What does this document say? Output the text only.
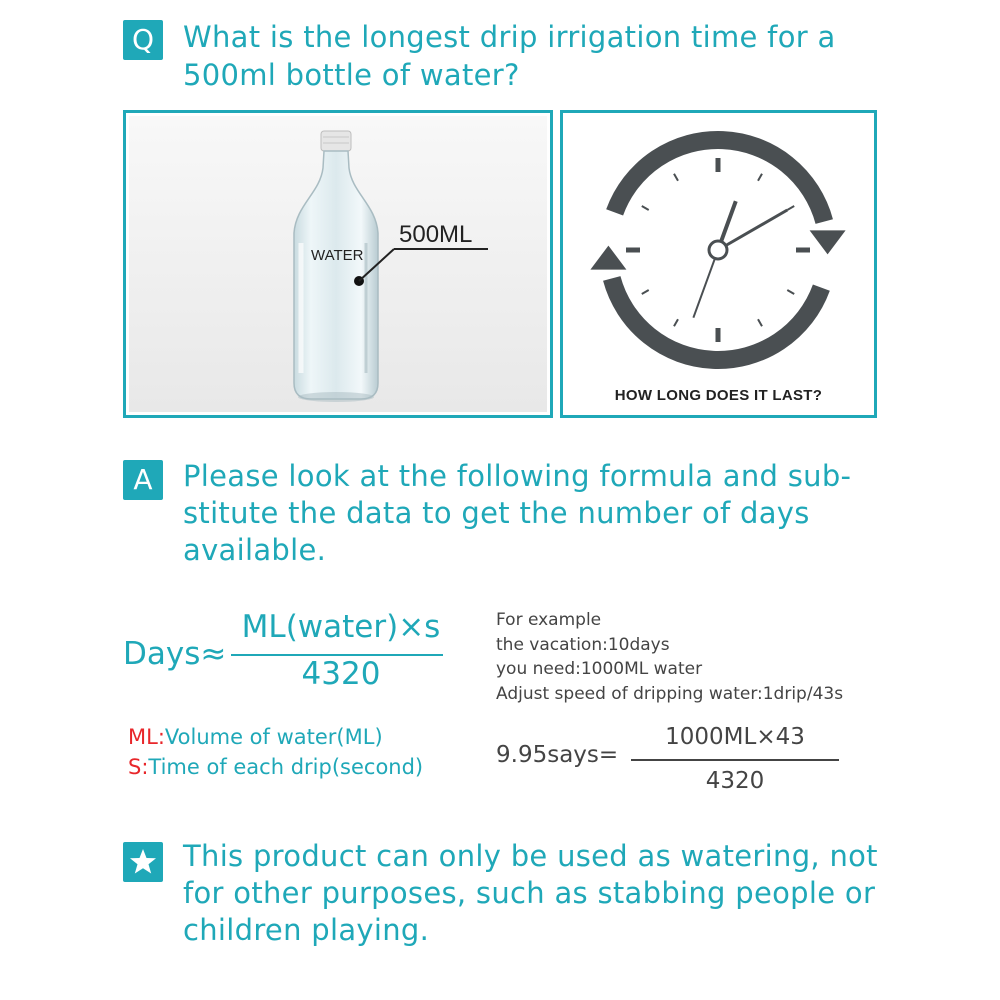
Q What is the longest drip irrigation time for a 500ml bottle of water?
WATER
500ML
HOW LONG DOES IT LAST?
A	Please look at the following formula and sub-stitute the data to get the number of days available.
Days≈
ML(water)×s
4320
For example
the vacation:10days
you need:1000ML water
Adjust speed of dripping water:1drip/43s
ML:Volume of water(ML)
S:Time of each drip(second)	9.95says=
1000ML×43
4320
This product can only be used as watering, not for other purposes, such as stabbing people or children playing.
